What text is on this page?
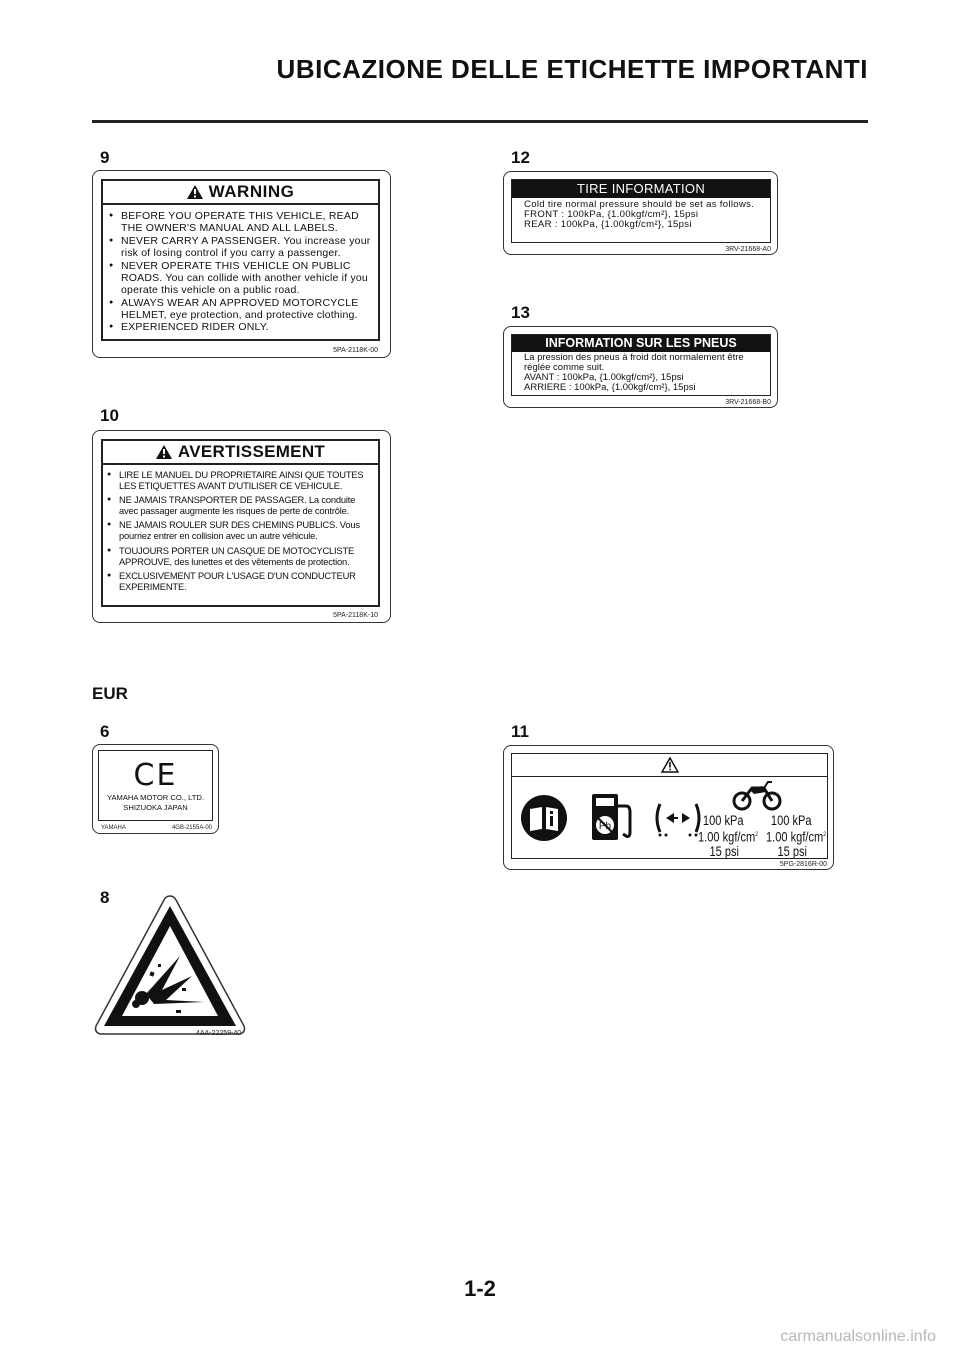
UBICAZIONE DELLE ETICHETTE IMPORTANTI
9
WARNING
● BEFORE YOU OPERATE THIS VEHICLE, READ THE OWNER'S MANUAL AND ALL LABELS.
● NEVER CARRY A PASSENGER. You increase your risk of losing control if you carry a passenger.
● NEVER OPERATE THIS VEHICLE ON PUBLIC ROADS. You can collide with another vehicle if you operate this vehicle on a public road.
● ALWAYS WEAR AN APPROVED MOTORCYCLE HELMET, eye protection, and protective clothing.
● EXPERIENCED RIDER ONLY.
5PA-2118K-00
10
AVERTISSEMENT
● LIRE LE MANUEL DU PROPRIETAIRE AINSI QUE TOUTES LES ETIQUETTES AVANT D'UTILISER CE VEHICULE.
● NE JAMAIS TRANSPORTER DE PASSAGER. La conduite avec passager augmente les risques de perte de contrôle.
● NE JAMAIS ROULER SUR DES CHEMINS PUBLICS. Vous pourriez entrer en collision avec un autre véhicule.
● TOUJOURS PORTER UN CASQUE DE MOTOCYCLISTE APPROUVE, des lunettes et des vêtements de protection.
● EXCLUSIVEMENT POUR L'USAGE D'UN CONDUCTEUR EXPERIMENTE.
5PA-2118K-10
12
TIRE INFORMATION
Cold tire normal pressure should be set as follows.
FRONT : 100kPa, {1.00kgf/cm²}, 15psi
REAR : 100kPa, {1.00kgf/cm²}, 15psi
3RV-21668-A0
13
INFORMATION SUR LES PNEUS
La pression des pneus à froid doit normalement être réglée comme suit.
AVANT : 100kPa, {1.00kgf/cm²}, 15psi
ARRIERE : 100kPa, {1.00kgf/cm²}, 15psi
3RV-21668-B0
EUR
6
CE
YAMAHA MOTOR CO., LTD.
SHIZUOKA JAPAN
YAMAHA	4GB-2155A-00
11
Pb	100 kPa
1.00 kgf/$cm^2$
15 psi
100 kPa
1.00 kgf/$cm^2$
15 psi
5PG-2816R-00
8
4AA-22259-40
1-2
carmanualsonline.info
